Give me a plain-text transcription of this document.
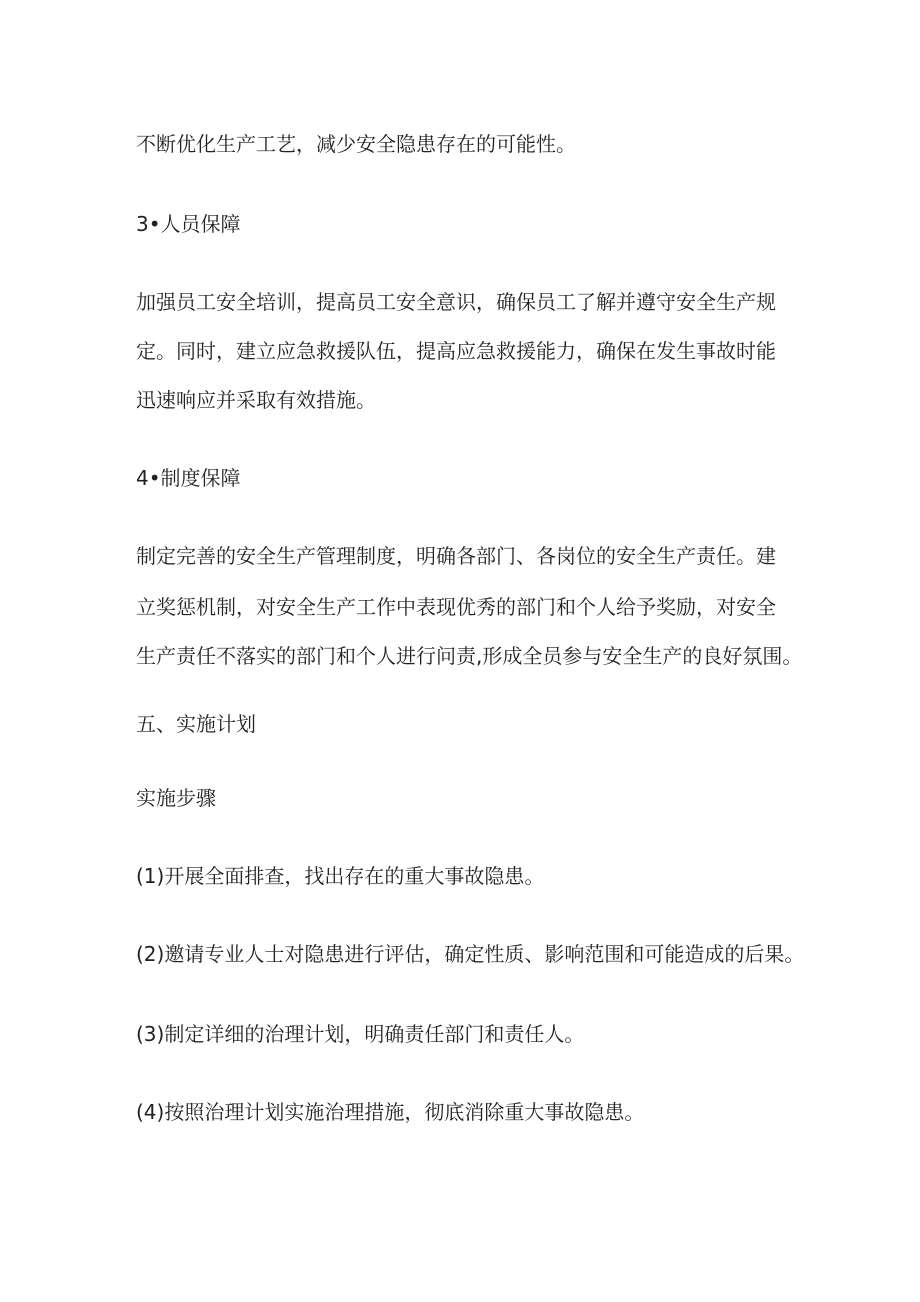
不断优化生产工艺，减少安全隐患存在的可能性。

3•人员保障

加强员工安全培训，提高员工安全意识，确保员工了解并遵守安全生产规

定。同时，建立应急救援队伍，提高应急救援能力，确保在发生事故时能

迅速响应并采取有效措施。

4•制度保障

制定完善的安全生产管理制度，明确各部门、各岗位的安全生产责任。建

立奖惩机制，对安全生产工作中表现优秀的部门和个人给予奖励，对安全

生产责任不落实的部门和个人进行问责,形成全员参与安全生产的良好氛围。

五、实施计划

实施步骤

(1)开展全面排查，找出存在的重大事故隐患。

(2)邀请专业人士对隐患进行评估，确定性质、影响范围和可能造成的后果。

(3)制定详细的治理计划，明确责任部门和责任人。

(4)按照治理计划实施治理措施，彻底消除重大事故隐患。
